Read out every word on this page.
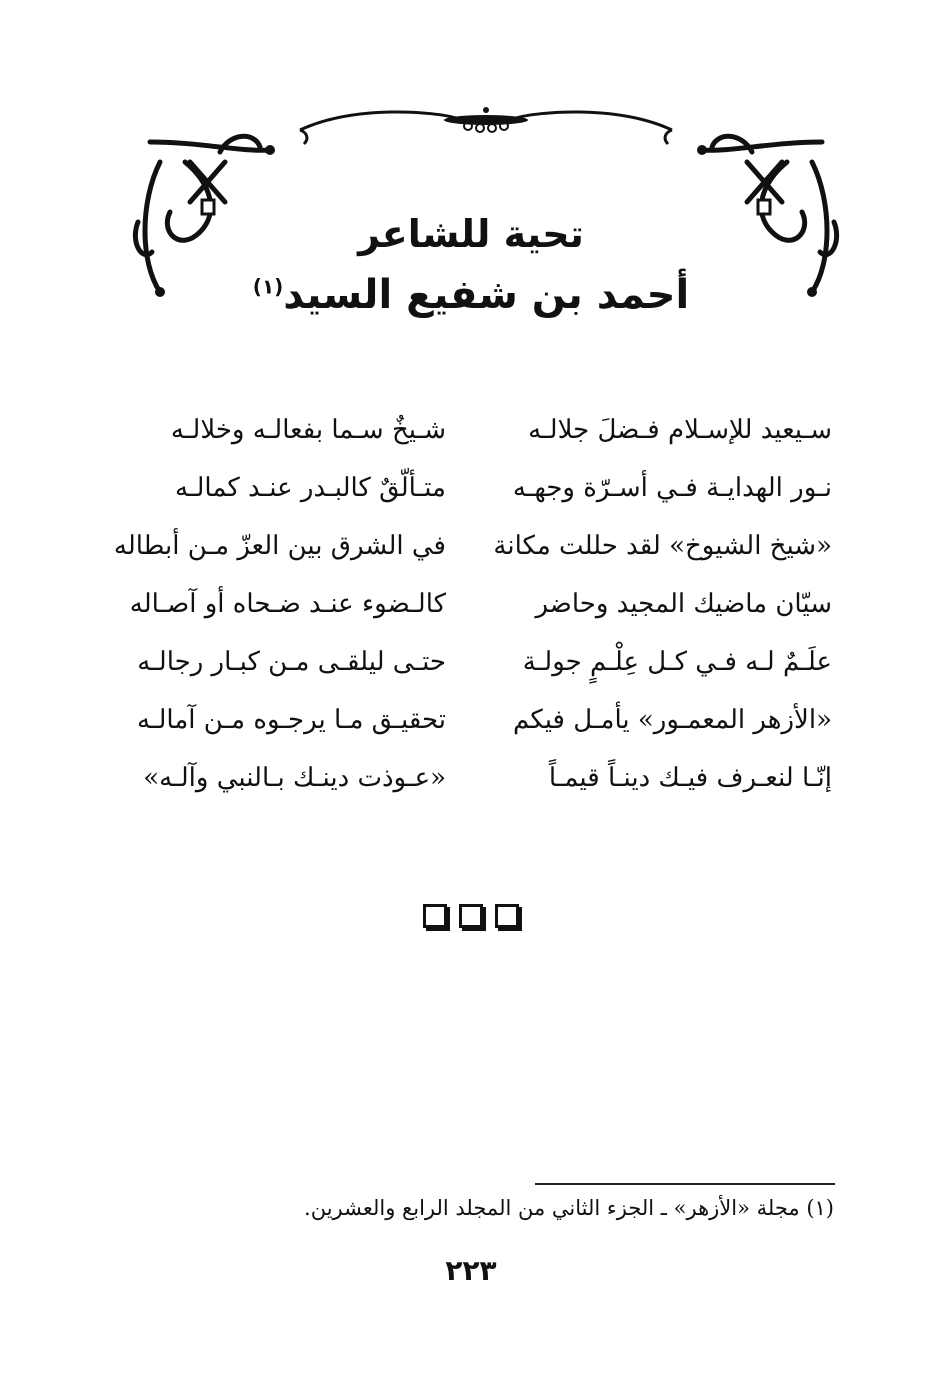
تحية للشاعر
أحمد بن شفيع السيد$^{(١)}$
سـيعيد للإسـلام فـضلَ جلالـه
شـيخٌ سـما بفعالـه وخلالـه
نـور الهدايـة فـي أسـرّة وجهـه
متـألّقٌ كالبـدر عنـد كمالـه
«شيخ الشيوخ» لقد حللت مكانة
في الشرق بين العزّ مـن أبطاله
سيّان ماضيك المجيد وحاضر
كالـضوء عنـد ضـحاه أو آصـاله
علَـمٌ لـه فـي كـل عِلْـمٍ جولـة
حتـى ليلقـى مـن كبـار رجالـه
«الأزهر المعمـور» يأمـل فيكم
تحقيـق مـا يرجـوه مـن آمالـه
إنّـا لنعـرف فيـك دينـاً قيمـاً
«عـوذت دينـك بـالنبي وآلـه»
(١) مجلة «الأزهر» ـ الجزء الثاني من المجلد الرابع والعشرين.
٢٢٣
